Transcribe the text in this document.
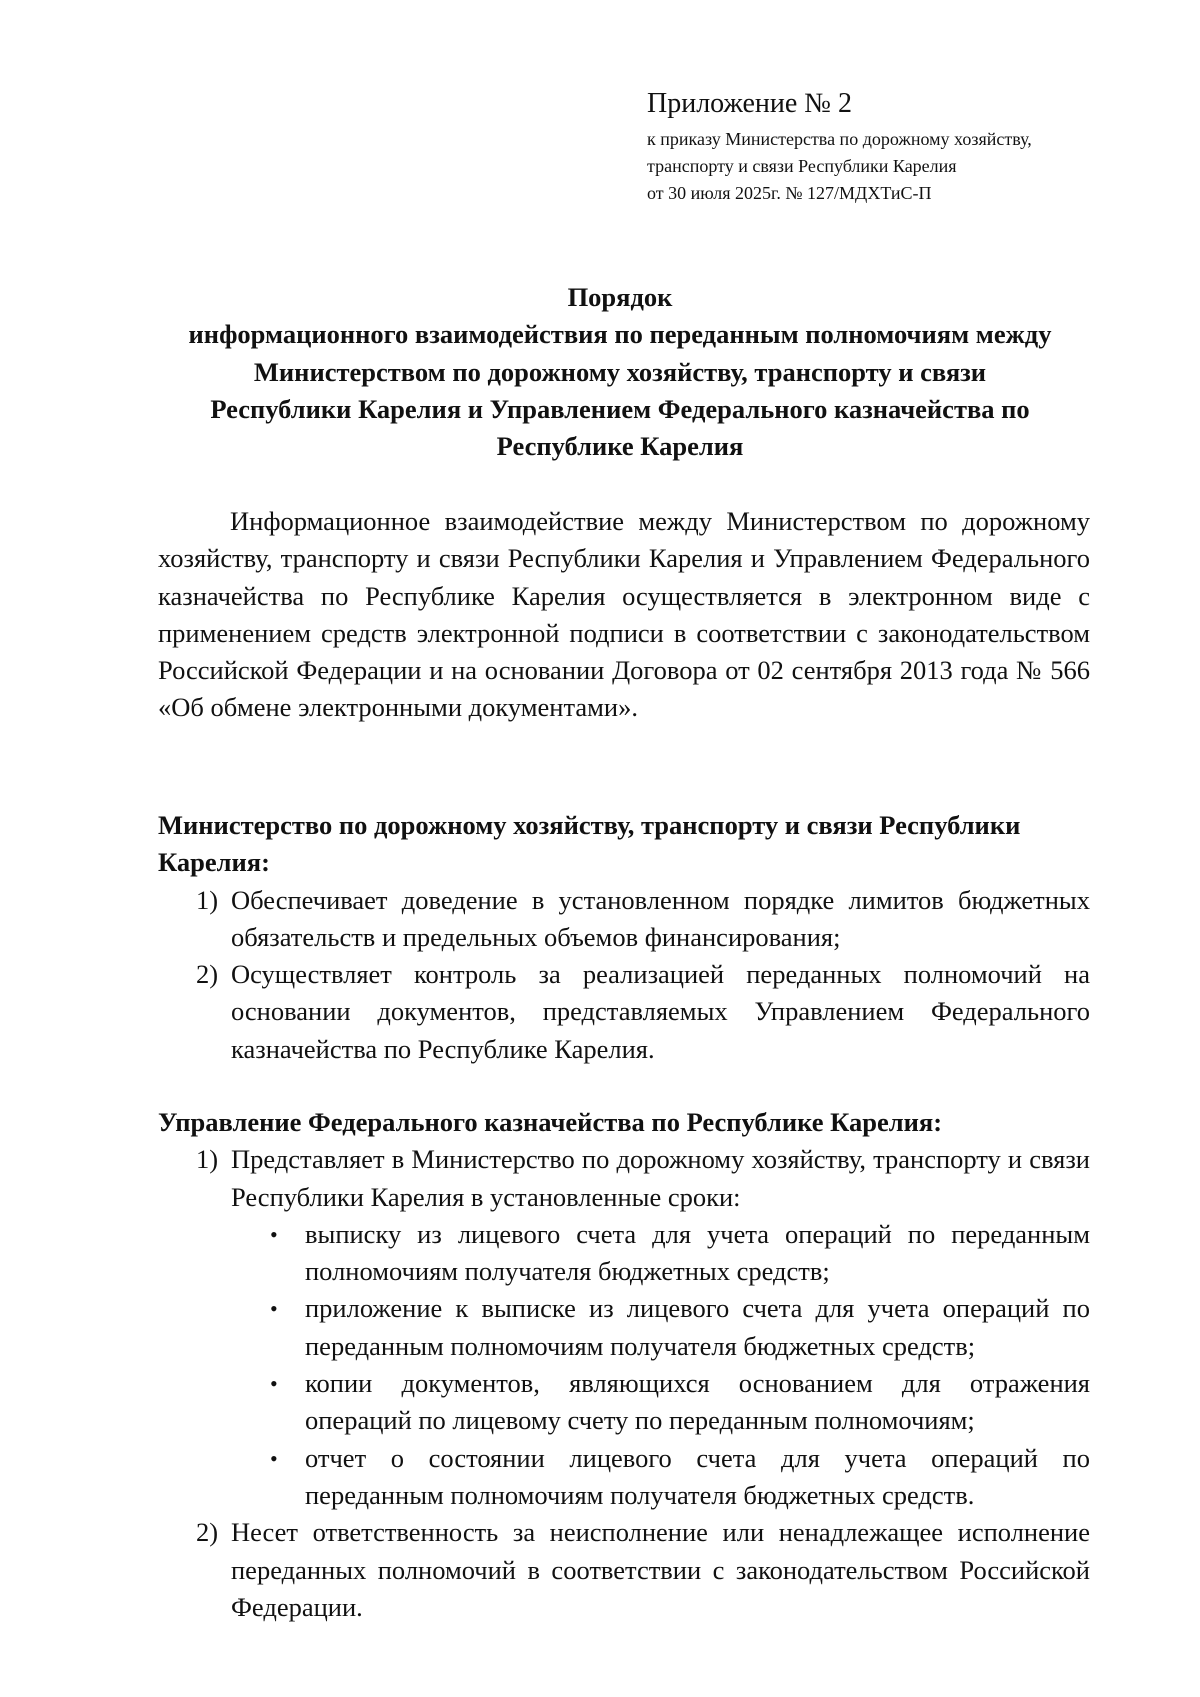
Приложение № 2
к приказу Министерства по дорожному хозяйству,
транспорту и связи Республики Карелия
от 30 июля 2025г. № 127/МДХТиС-П
Порядок
информационного взаимодействия по переданным полномочиям между
Министерством по дорожному хозяйству, транспорту и связи
Республики Карелия и Управлением Федерального казначейства по
Республике Карелия

Информационное взаимодействие между Министерством по дорожному хозяйству, транспорту и связи Республики Карелия и Управлением Федерального казначейства по Республике Карелия осуществляется в электронном виде с применением средств электронной подписи в соответствии с законодательством Российской Федерации и на основании Договора от 02 сентября 2013 года № 566 «Об обмене электронными документами».

Министерство по дорожному хозяйству, транспорту и связи Республики Карелия:

1) Обеспечивает доведение в установленном порядке лимитов бюджетных обязательств и предельных объемов финансирования;
2) Осуществляет контроль за реализацией переданных полномочий на основании документов, представляемых Управлением Федерального казначейства по Республике Карелия.

Управление Федерального казначейства по Республике Карелия:

1) Представляет в Министерство по дорожному хозяйству, транспорту и связи Республики Карелия в установленные сроки:
• выписку из лицевого счета для учета операций по переданным полномочиям получателя бюджетных средств;
• приложение к выписке из лицевого счета для учета операций по переданным полномочиям получателя бюджетных средств;
• копии документов, являющихся основанием для отражения операций по лицевому счету по переданным полномочиям;
• отчет о состоянии лицевого счета для учета операций по переданным полномочиям получателя бюджетных средств.
2) Несет ответственность за неисполнение или ненадлежащее исполнение переданных полномочий в соответствии с законодательством Российской Федерации.
